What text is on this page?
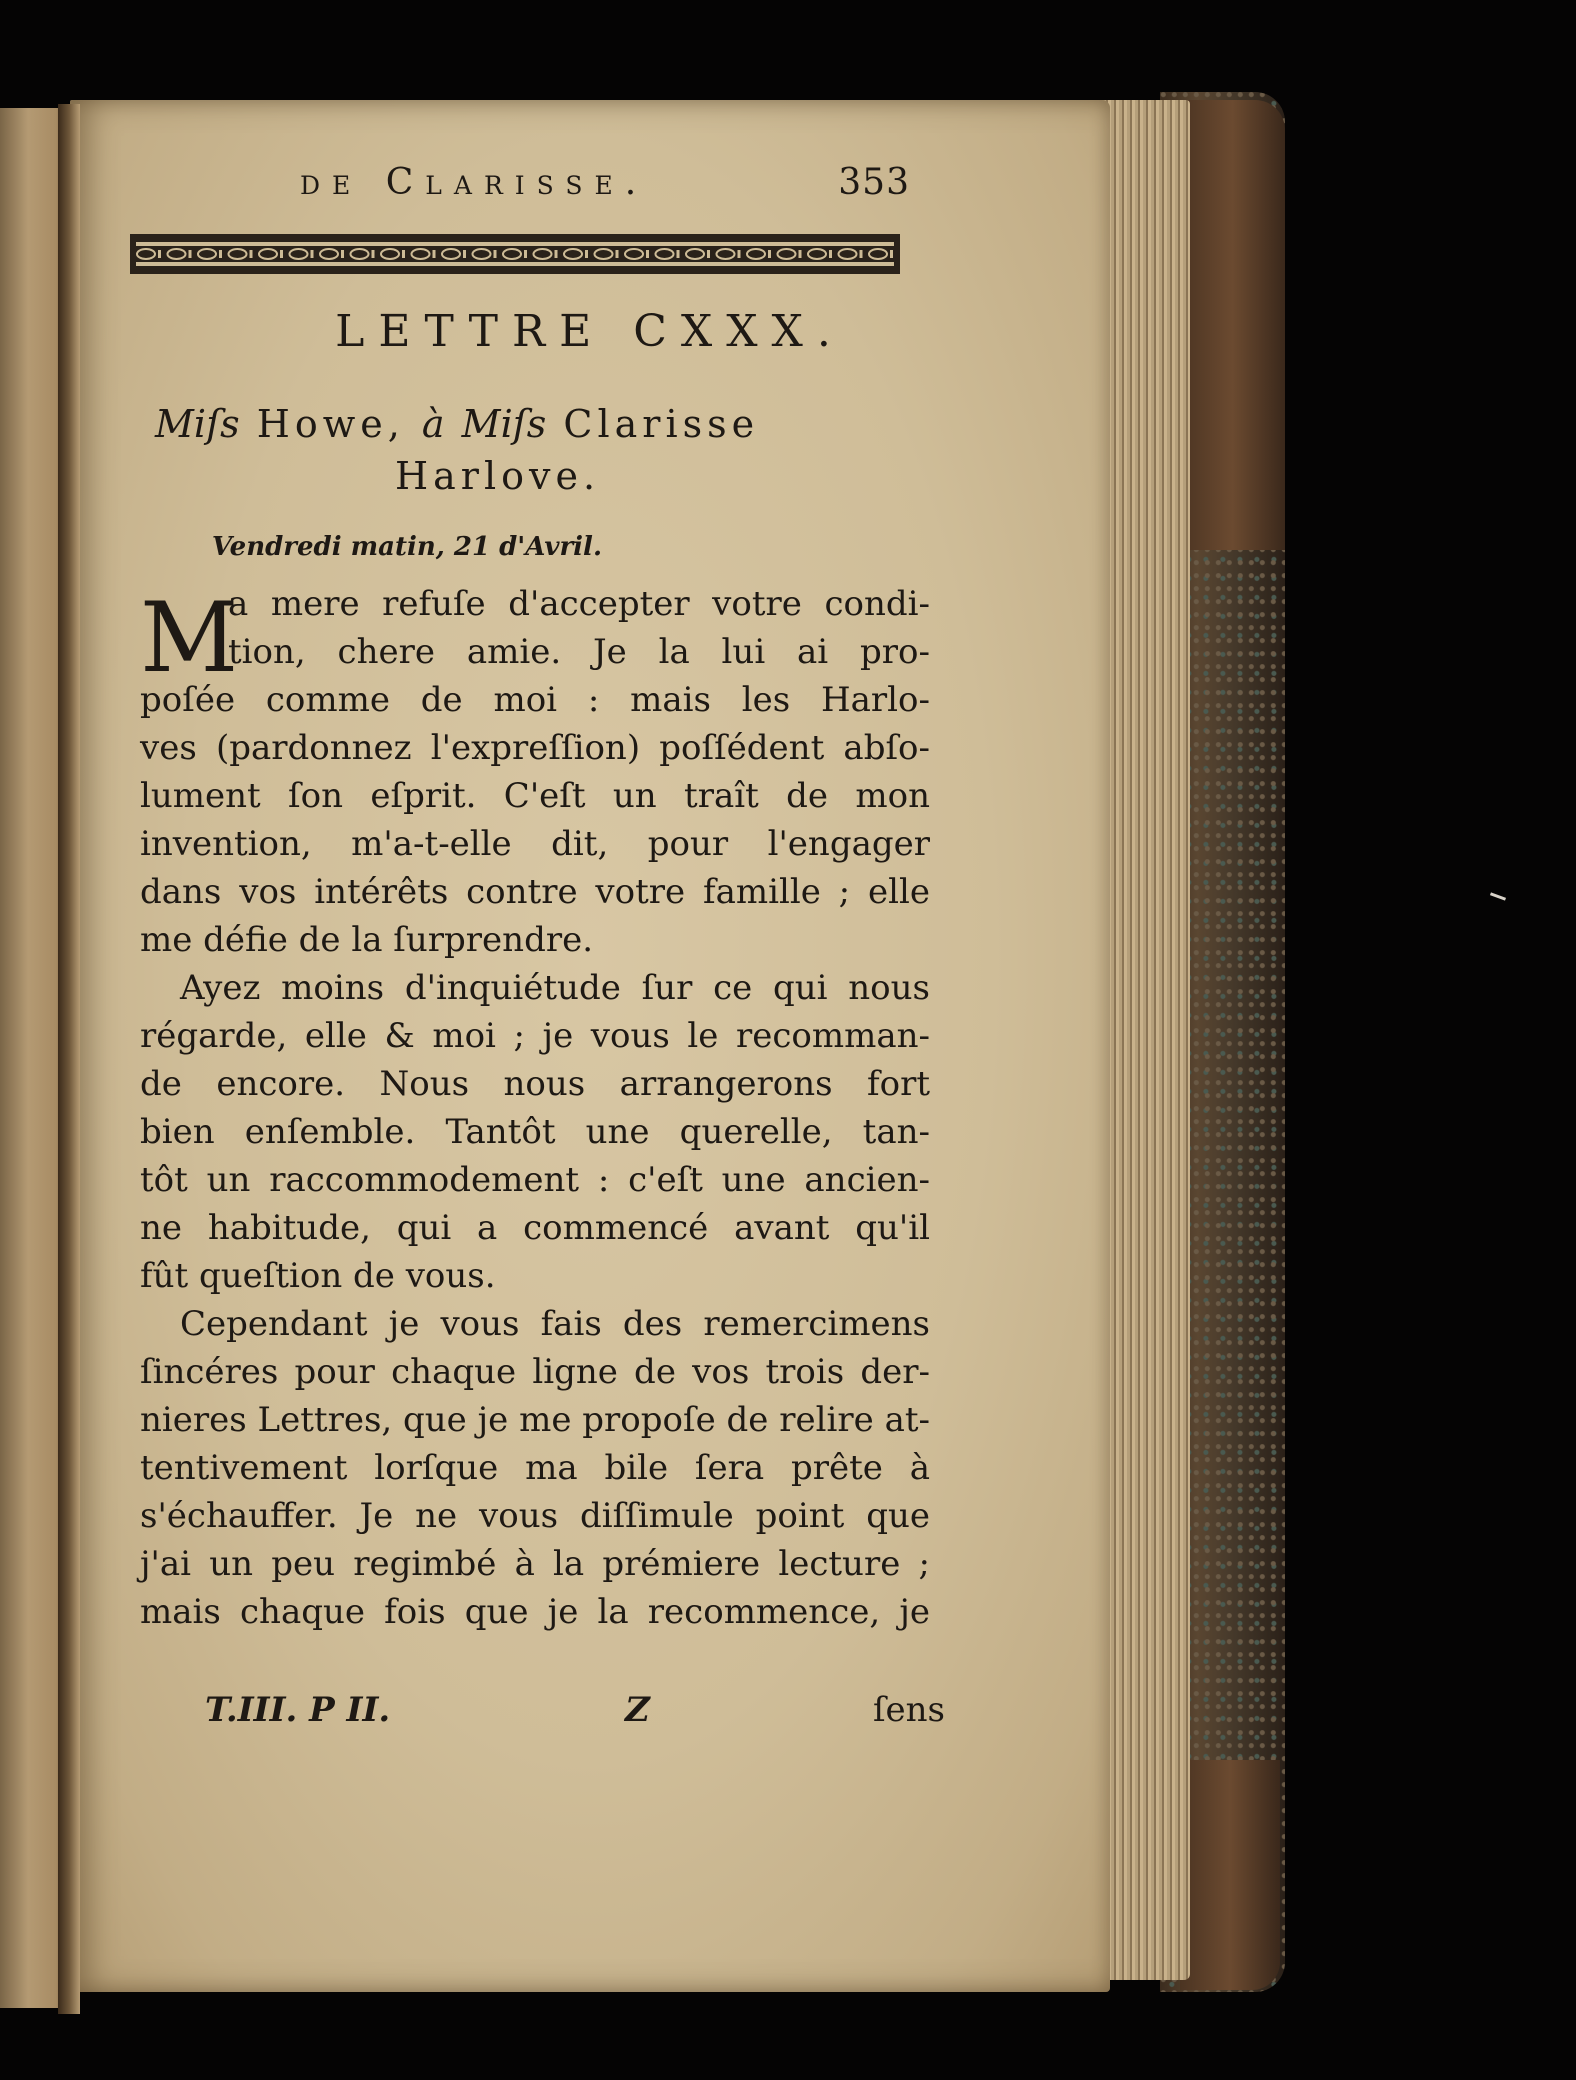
de Clarisse.	353
LETTRE CXXX.
Miſs Howe, à Miſs Clarisse
Harlove.
Vendredi matin, 21 d'Avril.
M
a mere refuſe d'accepter votre condi-
tion, chere amie. Je la lui ai pro-
poſée comme de moi : mais les Harlo-
ves (pardonnez l'expreſſion) poſſédent abſo-
lument ſon eſprit. C'eſt un traît de mon
invention, m'a-t-elle dit, pour l'engager
dans vos intérêts contre votre famille ; elle
me défie de la ſurprendre.
Ayez moins d'inquiétude ſur ce qui nous
régarde, elle & moi ; je vous le recomman-
de encore. Nous nous arrangerons fort
bien enſemble. Tantôt une querelle, tan-
tôt un raccommodement : c'eſt une ancien-
ne habitude, qui a commencé avant qu'il
fût queſtion de vous.
Cependant je vous fais des remercimens
ſincéres pour chaque ligne de vos trois der-
nieres Lettres, que je me propoſe de relire at-
tentivement lorſque ma bile ſera prête à
s'échauffer. Je ne vous diſſimule point que
j'ai un peu regimbé à la prémiere lecture ;
mais chaque fois que je la recommence, je
T.III. P II.	Z	ſens
